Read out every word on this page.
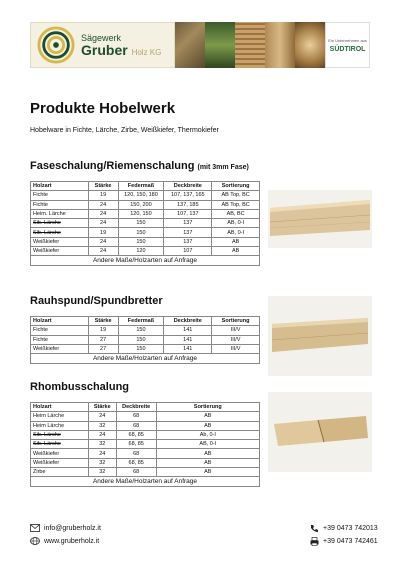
Sägewerk
Gruber Holz KG
Ein Unternehmen aus
SÜDTIROL
Produkte Hobelwerk
Hobelware in Fichte, Lärche, Zirbe, Weißkiefer, Thermokiefer
Faseschalung/Riemenschalung (mit 3mm Fase)
Holzart	Stärke	Federmaß	Deckbreite	Sortierung
Fichte	19	120, 150, 180	107, 137, 165	AB Top, BC
Fichte	24	150, 200	137, 185	AB Top, BC
Heim. Lärche	24	120, 150	107, 137	AB, BC
Sib. Lärche	24	150	137	AB, 0-I
Sib. Lärche	19	150	137	AB, 0-I
Weißkiefer	24	150	137	AB
Weißkiefer	24	120	107	AB
Andere Maße/Holzarten auf Anfrage				
Rauhspund/Spundbretter
Holzart	Stärke	Federmaß	Deckbreite	Sortierung
Fichte	19	150	141	III/V
Fichte	27	150	141	III/V
Weißkiefer	27	150	141	III/V
Andere Maße/Holzarten auf Anfrage				
Rhombusschalung
Holzart	Stärke	Deckbreite	Sortierung
Heim Lärche	24	68	AB
Heim Lärche	32	68	AB
Sib. Lärche	24	68, 85	Ab, 0-I
Sib. Lärche	32	68, 85	AB, 0-I
Weißkiefer	24	68	AB
Weißkiefer	32	68, 85	AB
Zirbe	32	68	AB
Andere Maße/Holzarten auf Anfrage			
info@gruberholz.it
www.gruberholz.it
+39 0473 742013
+39 0473 742461
